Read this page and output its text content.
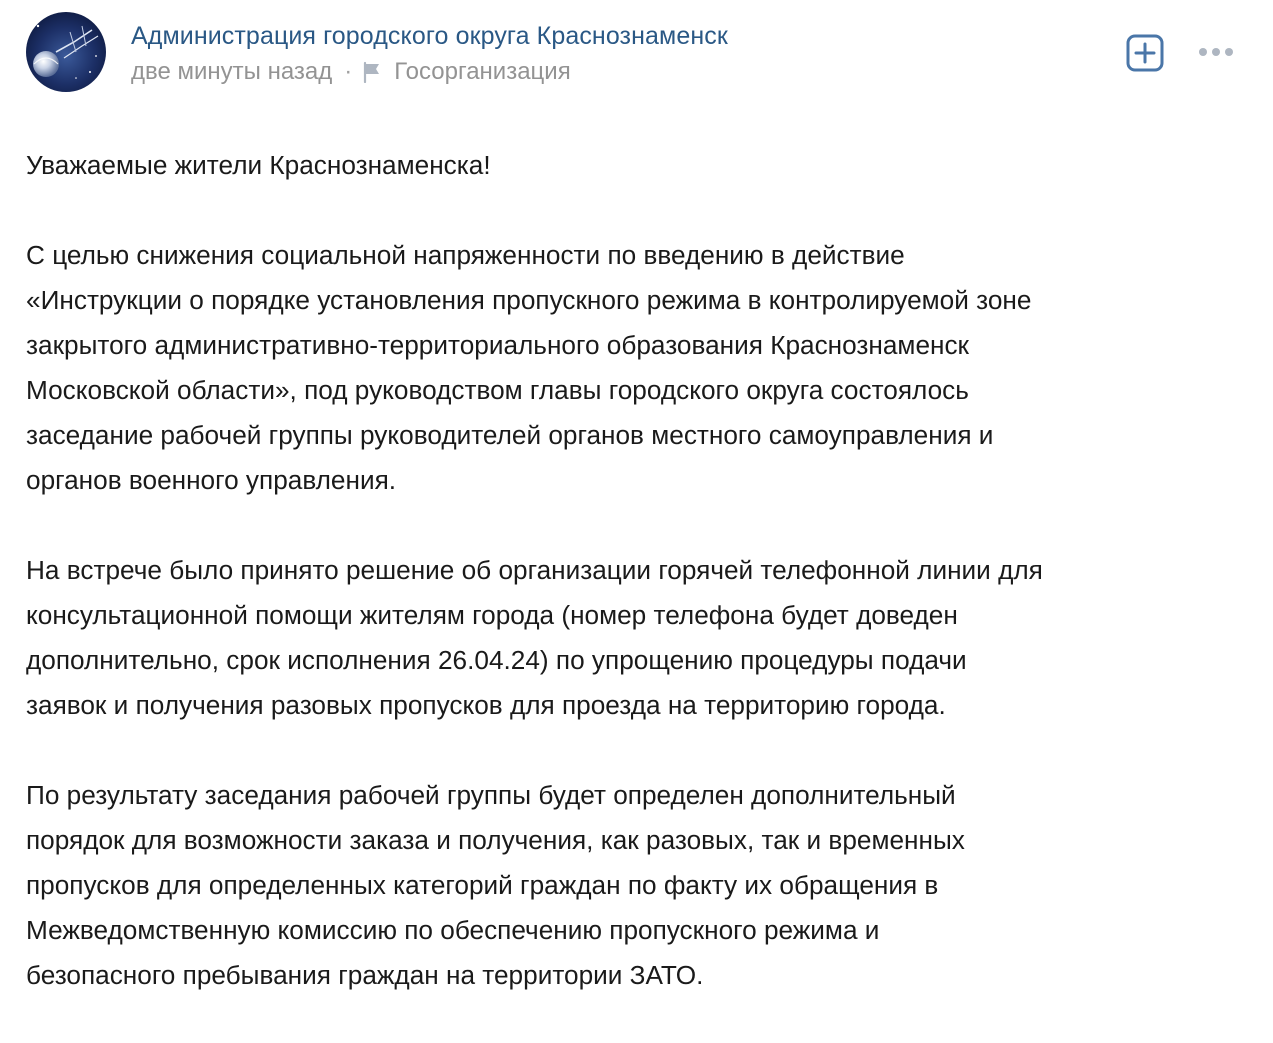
Администрация городского округа Краснознаменск
две минуты назад · Госорганизация

Уважаемые жители Краснознаменска!

С целью снижения социальной напряженности по введению в действие
«Инструкции о порядке установления пропускного режима в контролируемой зоне
закрытого административно-территориального образования Краснознаменск
Московской области», под руководством главы городского округа состоялось
заседание рабочей группы руководителей органов местного самоуправления и
органов военного управления.

На встрече было принято решение об организации горячей телефонной линии для
консультационной помощи жителям города (номер телефона будет доведен
дополнительно, срок исполнения 26.04.24) по упрощению процедуры подачи
заявок и получения разовых пропусков для проезда на территорию города.

По результату заседания рабочей группы будет определен дополнительный
порядок для возможности заказа и получения, как разовых, так и временных
пропусков для определенных категорий граждан по факту их обращения в
Межведомственную комиссию по обеспечению пропускного режима и
безопасного пребывания граждан на территории ЗАТО.
